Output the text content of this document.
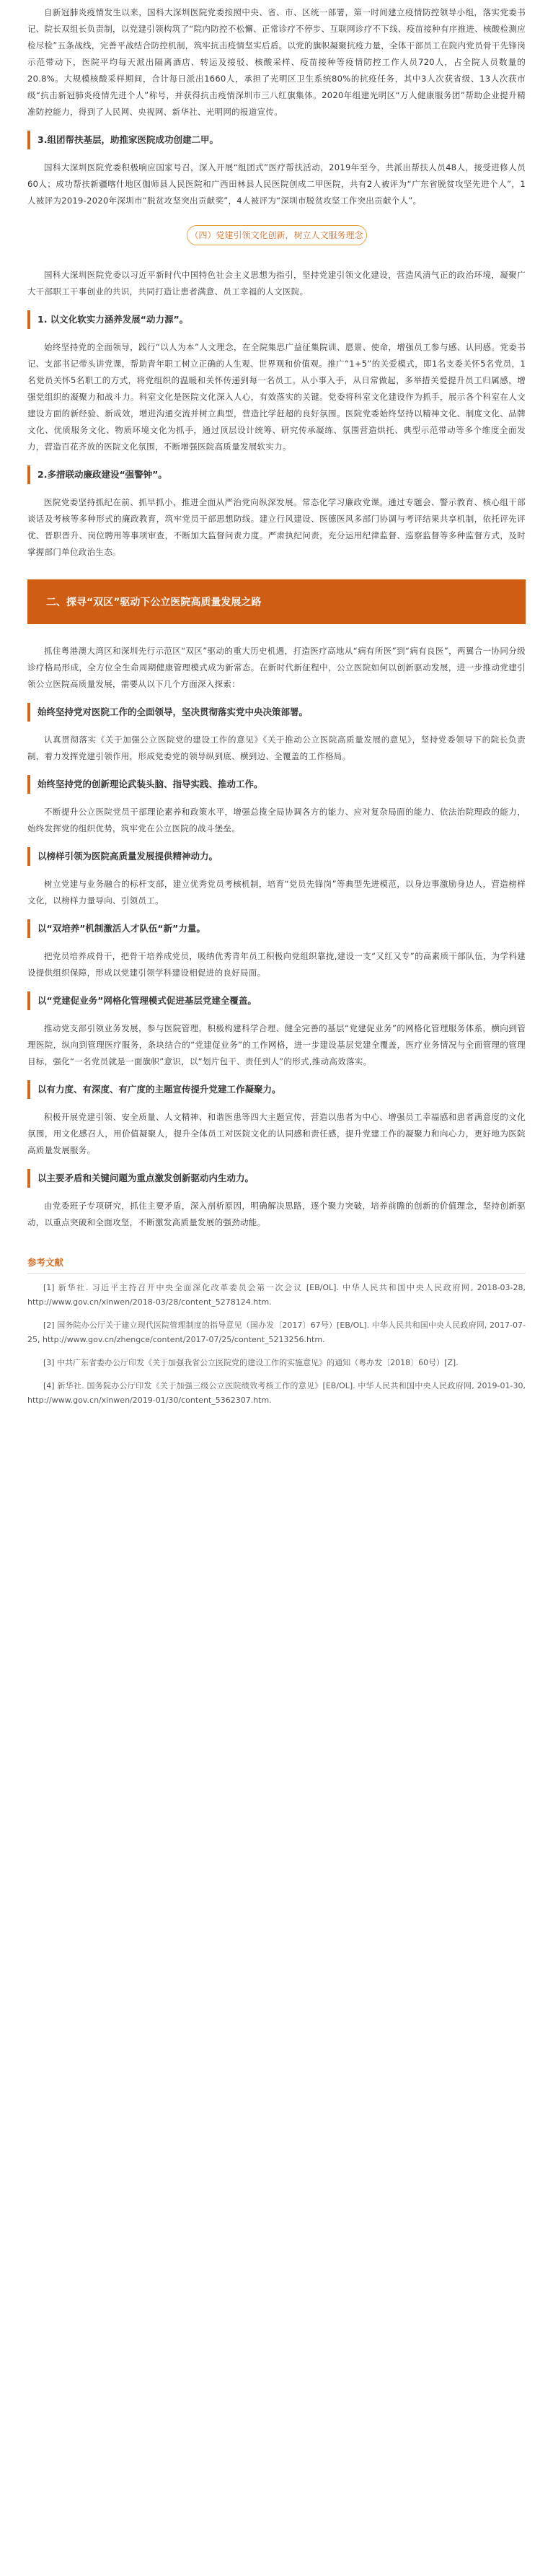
自新冠肺炎疫情发生以来，国科大深圳医院党委按照中央、省、市、区统一部署，第一时间建立疫情防控领导小组，落实党委书记、院长双组长负责制，以党建引领构筑了“院内防控不松懈、正常诊疗不停步、互联网诊疗不下线、疫苗接种有序推进、核酸检测应检尽检”五条战线，完善平战结合防控机制，筑牢抗击疫情坚实后盾。以党的旗帜凝聚抗疫力量，全体干部员工在院内党员骨干先锋岗示范带动下，医院平均每天派出隔离酒店、转运及接驳、核酸采样、疫苗接种等疫情防控工作人员720人，占全院人员数量的20.8%。大规模核酸采样期间，合计每日派出1660人，承担了光明区卫生系统80%的抗疫任务，其中3人次获省级、13人次获市级“抗击新冠肺炎疫情先进个人”称号，并获得抗击疫情深圳市三八红旗集体。2020年组建光明区“万人健康服务团”帮助企业提升精准防控能力，得到了人民网、央视网、新华社、光明网的报道宣传。

3.组团帮扶基层，助推家医院成功创建二甲。

国科大深圳医院党委积极响应国家号召，深入开展“组团式”医疗帮扶活动，2019年至今，共派出帮扶人员48人，接受进修人员60人；成功帮扶新疆喀什地区伽师县人民医院和广西田林县人民医院创成二甲医院，共有2人被评为“广东省脱贫攻坚先进个人”，1人被评为2019-2020年深圳市“脱贫攻坚突出贡献奖”，4人被评为“深圳市脱贫攻坚工作突出贡献个人”。

（四）党建引领文化创新，树立人文服务理念

国科大深圳医院党委以习近平新时代中国特色社会主义思想为指引，坚持党建引领文化建设，营造风清气正的政治环境，凝聚广大干部职工干事创业的共识，共同打造让患者满意、员工幸福的人文医院。

1. 以文化软实力涵养发展“动力源”。

始终坚持党的全面领导，践行“以人为本”人文理念，在全院集思广益征集院训、愿景、使命，增强员工参与感、认同感。党委书记、支部书记带头讲党课，帮助青年职工树立正确的人生观、世界观和价值观。推广“1+5”的关爱模式，即1名支委关怀5名党员，1名党员关怀5名职工的方式，将党组织的温暖和关怀传递到每一名员工。从小事入手，从日常做起，多举措关爱提升员工归属感，增强党组织的凝聚力和战斗力。科室文化是医院文化深入人心，有效落实的关键。党委将科室文化建设作为抓手，展示各个科室在人文建设方面的新经验、新成效，增进沟通交流并树立典型，营造比学赶超的良好氛围。医院党委始终坚持以精神文化、制度文化、品牌文化、优质服务文化、物质环境文化为抓手，通过顶层设计统筹、研究传承凝练、氛围营造烘托、典型示范带动等多个维度全面发力，营造百花齐放的医院文化氛围，不断增强医院高质量发展软实力。

2.多措联动廉政建设“强警钟”。

医院党委坚持抓纪在前、抓早抓小，推进全面从严治党向纵深发展。常态化学习廉政党课。通过专题会、警示教育、核心组干部谈话及考核等多种形式的廉政教育，筑牢党员干部思想防线。建立行风建设、医德医风多部门协调与考评结果共享机制，依托评先评优、晋职晋升、岗位聘用等事项审查，不断加大监督问责力度。严肃执纪问责，充分运用纪律监督、巡察监督等多种监督方式，及时掌握部门单位政治生态。

二、探寻“双区”驱动下公立医院高质量发展之路

抓住粤港澳大湾区和深圳先行示范区“双区”驱动的重大历史机遇，打造医疗高地从“病有所医”到“病有良医”，两翼合一协同分级诊疗格局形成，全方位全生命周期健康管理模式成为新常态。在新时代新征程中，公立医院如何以创新驱动发展，进一步推动党建引领公立医院高质量发展，需要从以下几个方面深入探索：

始终坚持党对医院工作的全面领导，坚决贯彻落实党中央决策部署。

认真贯彻落实《关于加强公立医院党的建设工作的意见》《关于推动公立医院高质量发展的意见》，坚持党委领导下的院长负责制，着力发挥党建引领作用，形成党委党的领导纵到底、横到边、全覆盖的工作格局。

始终坚持党的创新理论武装头脑、指导实践、推动工作。

不断提升公立医院党员干部理论素养和政策水平，增强总揽全局协调各方的能力、应对复杂局面的能力、依法治院理政的能力，始终发挥党的组织优势，筑牢党在公立医院的战斗堡垒。

以榜样引领为医院高质量发展提供精神动力。

树立党建与业务融合的标杆支部，建立优秀党员考核机制，培育“党员先锋岗”等典型先进模范，以身边事激励身边人，营造榜样文化，以榜样力量导向、引领员工。

以“双培养”机制激活人才队伍“新”力量。

把党员培养成骨干，把骨干培养成党员，吸纳优秀青年员工积极向党组织靠拢,建设一支“又红又专”的高素质干部队伍，为学科建设提供组织保障，形成以党建引领学科建设相促进的良好局面。

以“党建促业务”网格化管理模式促进基层党建全覆盖。

推动党支部引领业务发展，参与医院管理，积极构建科学合理、健全完善的基层“党建促业务”的网格化管理服务体系，横向到管理医院，纵向到管理医疗服务，条块结合的“党建促业务”的工作网格，进一步建设基层党建全覆盖，医疗业务情况与全面管理的管理目标，强化“一名党员就是一面旗帜”意识，以“划片包干、责任到人”的形式,推动高效落实。

以有力度、有深度、有广度的主题宣传提升党建工作凝聚力。

积极开展党建引领、安全质量、人文精神、和谐医患等四大主题宣传，营造以患者为中心、增强员工幸福感和患者满意度的文化氛围，用文化感召人，用价值凝聚人，提升全体员工对医院文化的认同感和责任感，提升党建工作的凝聚力和向心力，更好地为医院高质量发展服务。

以主要矛盾和关键问题为重点激发创新驱动内生动力。

由党委班子专项研究，抓住主要矛盾，深入剖析原因，明确解决思路，逐个聚力突破，培养前瞻的创新的价值理念，坚持创新驱动，以重点突破和全面攻坚，不断激发高质量发展的强劲动能。

参考文献

[1] 新华社. 习近平主持召开中央全面深化改革委员会第一次会议 [EB/OL]. 中华人民共和国中央人民政府网, 2018-03-28, http://www.gov.cn/xinwen/2018-03/28/content_5278124.htm.

[2] 国务院办公厅关于建立现代医院管理制度的指导意见（国办发〔2017〕67号）[EB/OL]. 中华人民共和国中央人民政府网, 2017-07-25, http://www.gov.cn/zhengce/content/2017-07/25/content_5213256.htm.

[3] 中共广东省委办公厅印发《关于加强我省公立医院党的建设工作的实施意见》的通知（粤办发〔2018〕60号）[Z].

[4] 新华社. 国务院办公厅印发《关于加强三级公立医院绩效考核工作的意见》[EB/OL]. 中华人民共和国中央人民政府网, 2019-01-30, http://www.gov.cn/xinwen/2019-01/30/content_5362307.htm.
